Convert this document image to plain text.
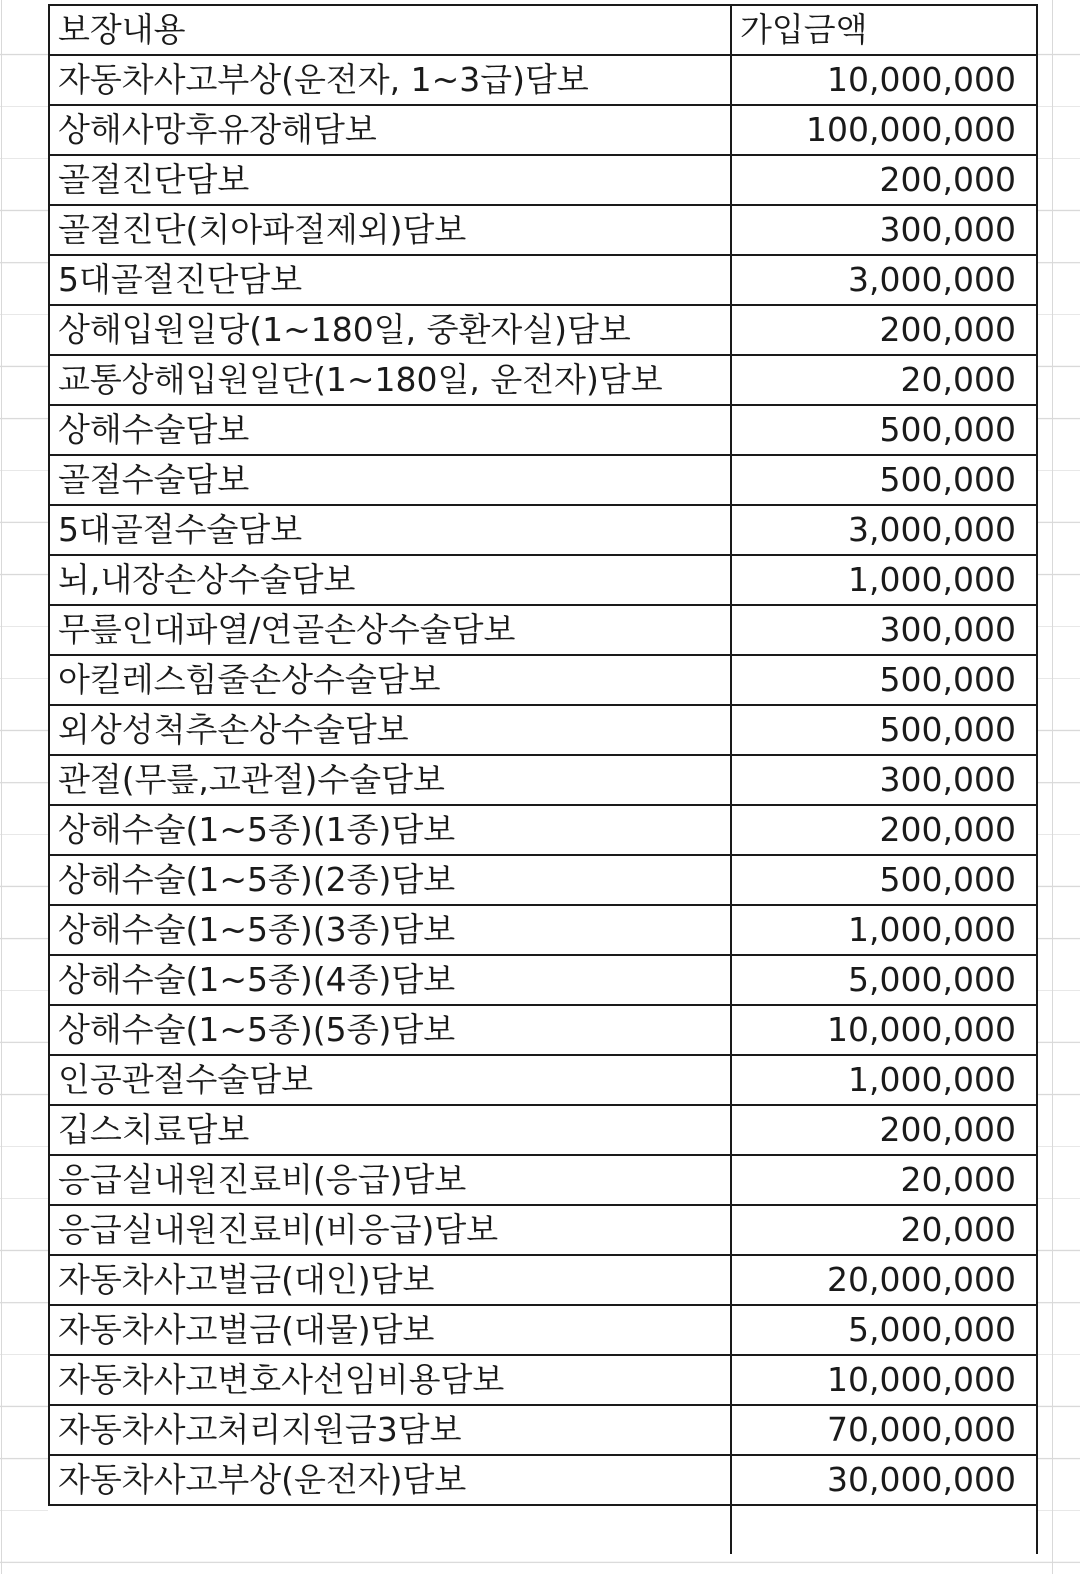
보장내용	가입금액
자동차사고부상(운전자, 1~3급)담보	10,000,000
상해사망후유장해담보	100,000,000
골절진단담보	200,000
골절진단(치아파절제외)담보	300,000
5대골절진단담보	3,000,000
상해입원일당(1~180일, 중환자실)담보	200,000
교통상해입원일단(1~180일, 운전자)담보	20,000
상해수술담보	500,000
골절수술담보	500,000
5대골절수술담보	3,000,000
뇌,내장손상수술담보	1,000,000
무릎인대파열/연골손상수술담보	300,000
아킬레스힘줄손상수술담보	500,000
외상성척추손상수술담보	500,000
관절(무릎,고관절)수술담보	300,000
상해수술(1~5종)(1종)담보	200,000
상해수술(1~5종)(2종)담보	500,000
상해수술(1~5종)(3종)담보	1,000,000
상해수술(1~5종)(4종)담보	5,000,000
상해수술(1~5종)(5종)담보	10,000,000
인공관절수술담보	1,000,000
깁스치료담보	200,000
응급실내원진료비(응급)담보	20,000
응급실내원진료비(비응급)담보	20,000
자동차사고벌금(대인)담보	20,000,000
자동차사고벌금(대물)담보	5,000,000
자동차사고변호사선임비용담보	10,000,000
자동차사고처리지원금3담보	70,000,000
자동차사고부상(운전자)담보	30,000,000
